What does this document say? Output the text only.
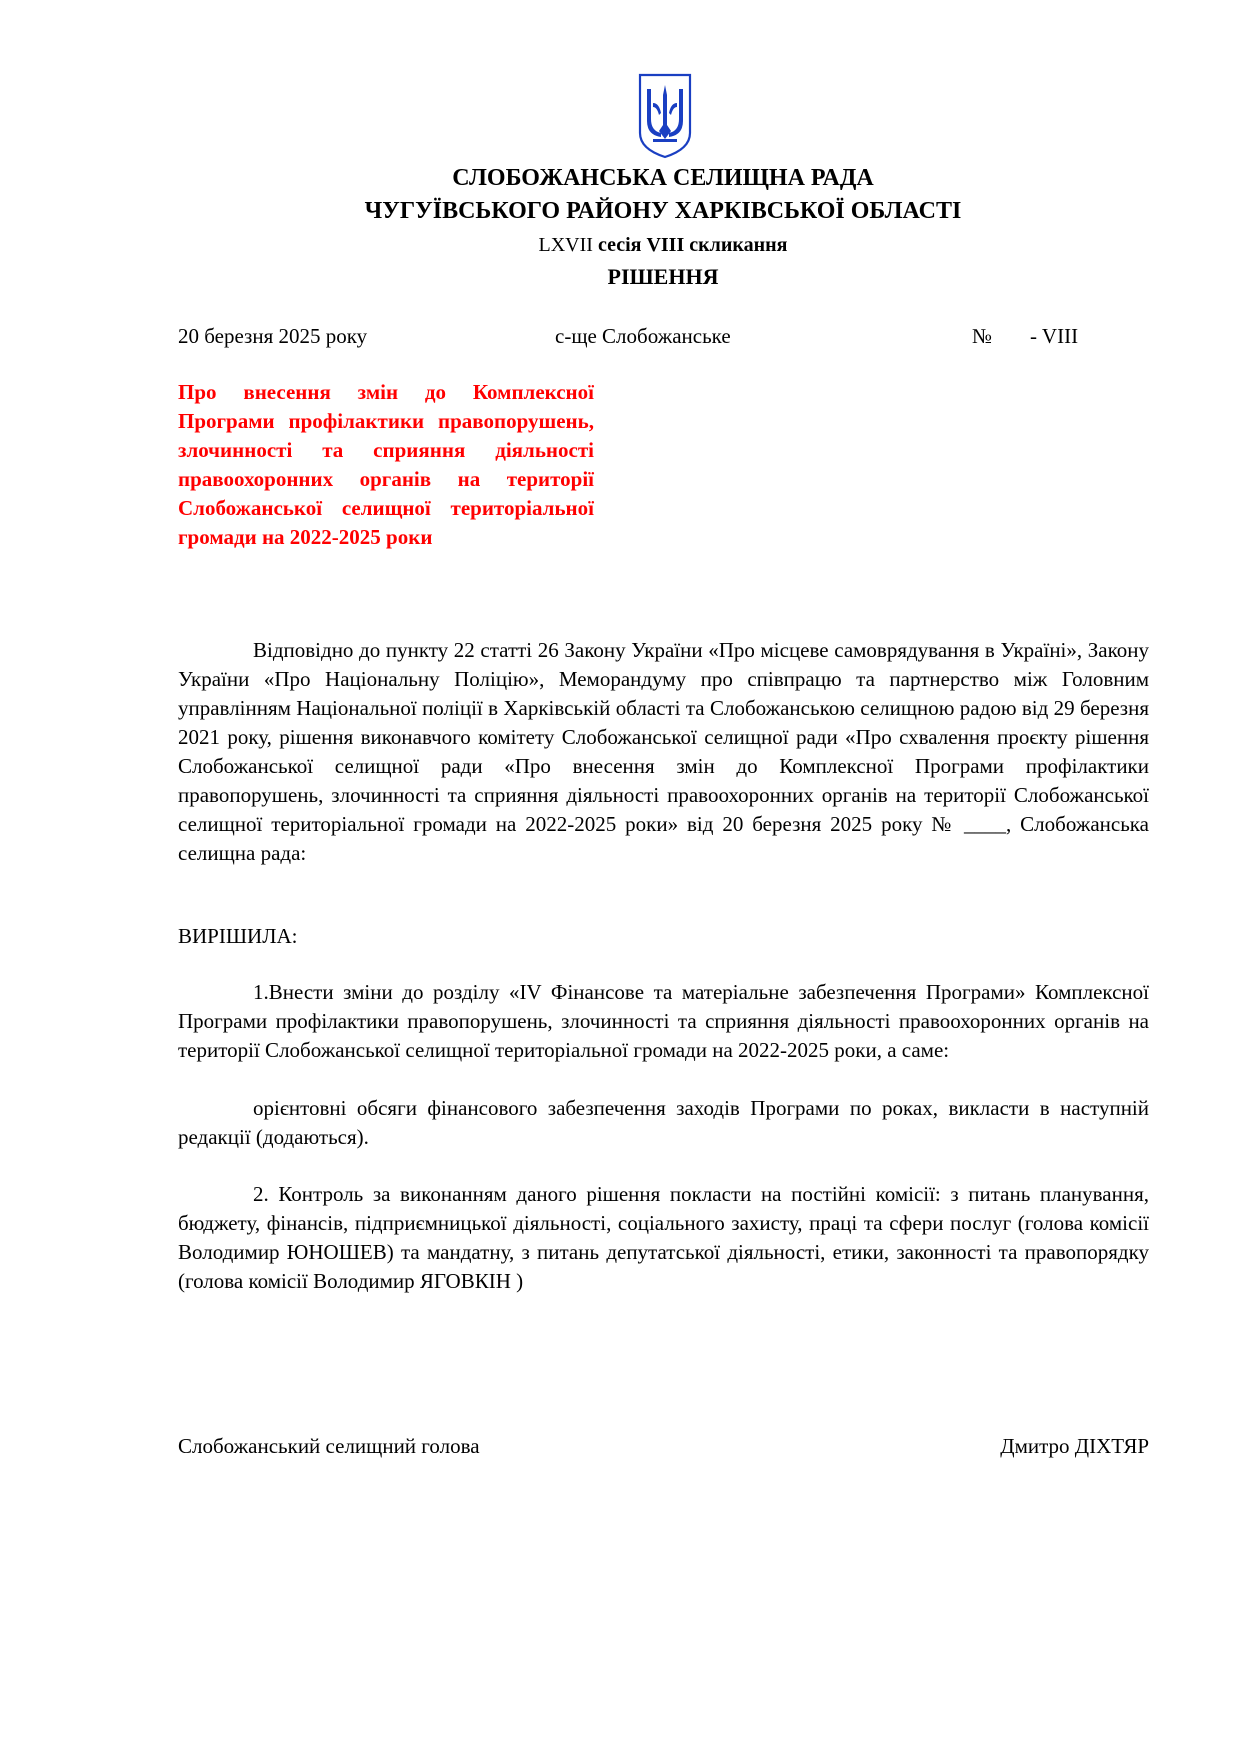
СЛОБОЖАНСЬКА СЕЛИЩНА РАДА
ЧУГУЇВСЬКОГО РАЙОНУ ХАРКІВСЬКОЇ ОБЛАСТІ
LXVII сесія VIII скликання
РІШЕННЯ
20 березня 2025 року	с-ще Слобожанське	№ - VIII
Про внесення змін до Комплексної Програми профілактики правопорушень, злочинності та сприяння діяльності правоохоронних органів на території Слобожанської селищної територіальної громади на 2022-2025 роки
Відповідно до пункту 22 статті 26 Закону України «Про місцеве самоврядування в Україні», Закону України «Про Національну Поліцію», Меморандуму про співпрацю та партнерство між Головним управлінням Національної поліції в Харківській області та Слобожанською селищною радою від 29 березня 2021 року, рішення виконавчого комітету Слобожанської селищної ради «Про схвалення проєкту рішення Слобожанської селищної ради «Про внесення змін до Комплексної Програми профілактики правопорушень, злочинності та сприяння діяльності правоохоронних органів на території Слобожанської селищної територіальної громади на 2022-2025 роки» від 20 березня 2025 року № ____, Слобожанська селищна рада:
ВИРІШИЛА:
1.Внести зміни до розділу «IV Фінансове та матеріальне забезпечення Програми» Комплексної Програми профілактики правопорушень, злочинності та сприяння діяльності правоохоронних органів на території Слобожанської селищної територіальної громади на 2022-2025 роки, а саме:
орієнтовні обсяги фінансового забезпечення заходів Програми по роках, викласти в наступній редакції (додаються).
2. Контроль за виконанням даного рішення покласти на постійні комісії: з питань планування, бюджету, фінансів, підприємницької діяльності, соціального захисту, праці та сфери послуг (голова комісії Володимир ЮНОШЕВ) та мандатну, з питань депутатської діяльності, етики, законності та правопорядку (голова комісії Володимир ЯГОВКІН )
Слобожанський селищний голова	Дмитро ДІХТЯР
